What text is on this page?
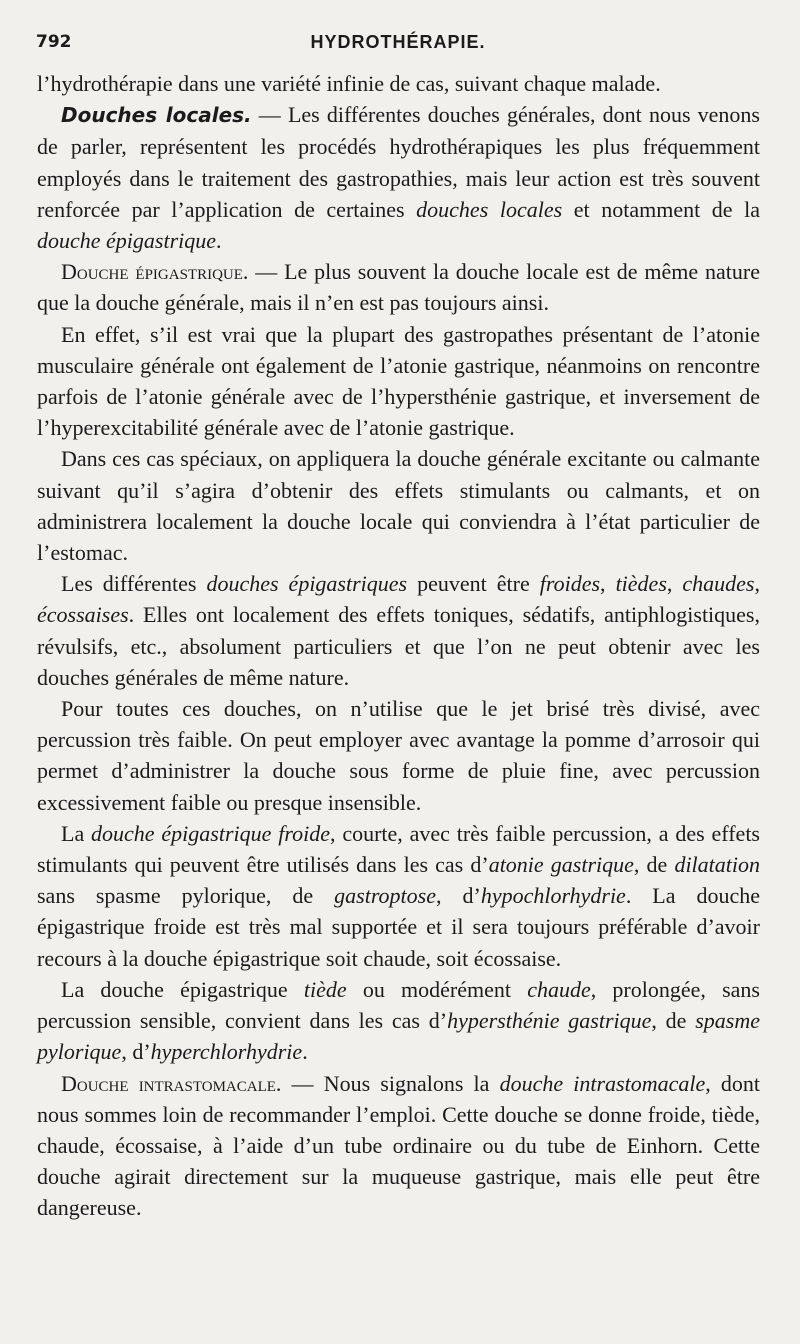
792	HYDROTHÉRAPIE.

l’hydrothérapie dans une variété infinie de cas, suivant chaque malade.

Douches locales. — Les différentes douches générales, dont nous venons de parler, représentent les procédés hydrothérapiques les plus fréquemment employés dans le traitement des gastropathies, mais leur action est très souvent renforcée par l’application de certaines douches locales et notamment de la douche épigastrique.

Douche épigastrique. — Le plus souvent la douche locale est de même nature que la douche générale, mais il n’en est pas toujours ainsi.

En effet, s’il est vrai que la plupart des gastropathes présentant de l’atonie musculaire générale ont également de l’atonie gastrique, néanmoins on rencontre parfois de l’atonie générale avec de l’hypersthénie gastrique, et inversement de l’hyperexcitabilité générale avec de l’atonie gastrique.

Dans ces cas spéciaux, on appliquera la douche générale excitante ou calmante suivant qu’il s’agira d’obtenir des effets stimulants ou calmants, et on administrera localement la douche locale qui conviendra à l’état particulier de l’estomac.

Les différentes douches épigastriques peuvent être froides, tièdes, chaudes, écossaises. Elles ont localement des effets toniques, sédatifs, antiphlogistiques, révulsifs, etc., absolument particuliers et que l’on ne peut obtenir avec les douches générales de même nature.

Pour toutes ces douches, on n’utilise que le jet brisé très divisé, avec percussion très faible. On peut employer avec avantage la pomme d’arrosoir qui permet d’administrer la douche sous forme de pluie fine, avec percussion excessivement faible ou presque insensible.

La douche épigastrique froide, courte, avec très faible percussion, a des effets stimulants qui peuvent être utilisés dans les cas d’atonie gastrique, de dilatation sans spasme pylorique, de gastroptose, d’hypochlorhydrie. La douche épigastrique froide est très mal supportée et il sera toujours préférable d’avoir recours à la douche épigastrique soit chaude, soit écossaise.

La douche épigastrique tiède ou modérément chaude, prolongée, sans percussion sensible, convient dans les cas d’hypersthénie gastrique, de spasme pylorique, d’hyperchlorhydrie.

Douche intrastomacale. — Nous signalons la douche intrastomacale, dont nous sommes loin de recommander l’emploi. Cette douche se donne froide, tiède, chaude, écossaise, à l’aide d’un tube ordinaire ou du tube de Einhorn. Cette douche agirait directement sur la muqueuse gastrique, mais elle peut être dangereuse.
